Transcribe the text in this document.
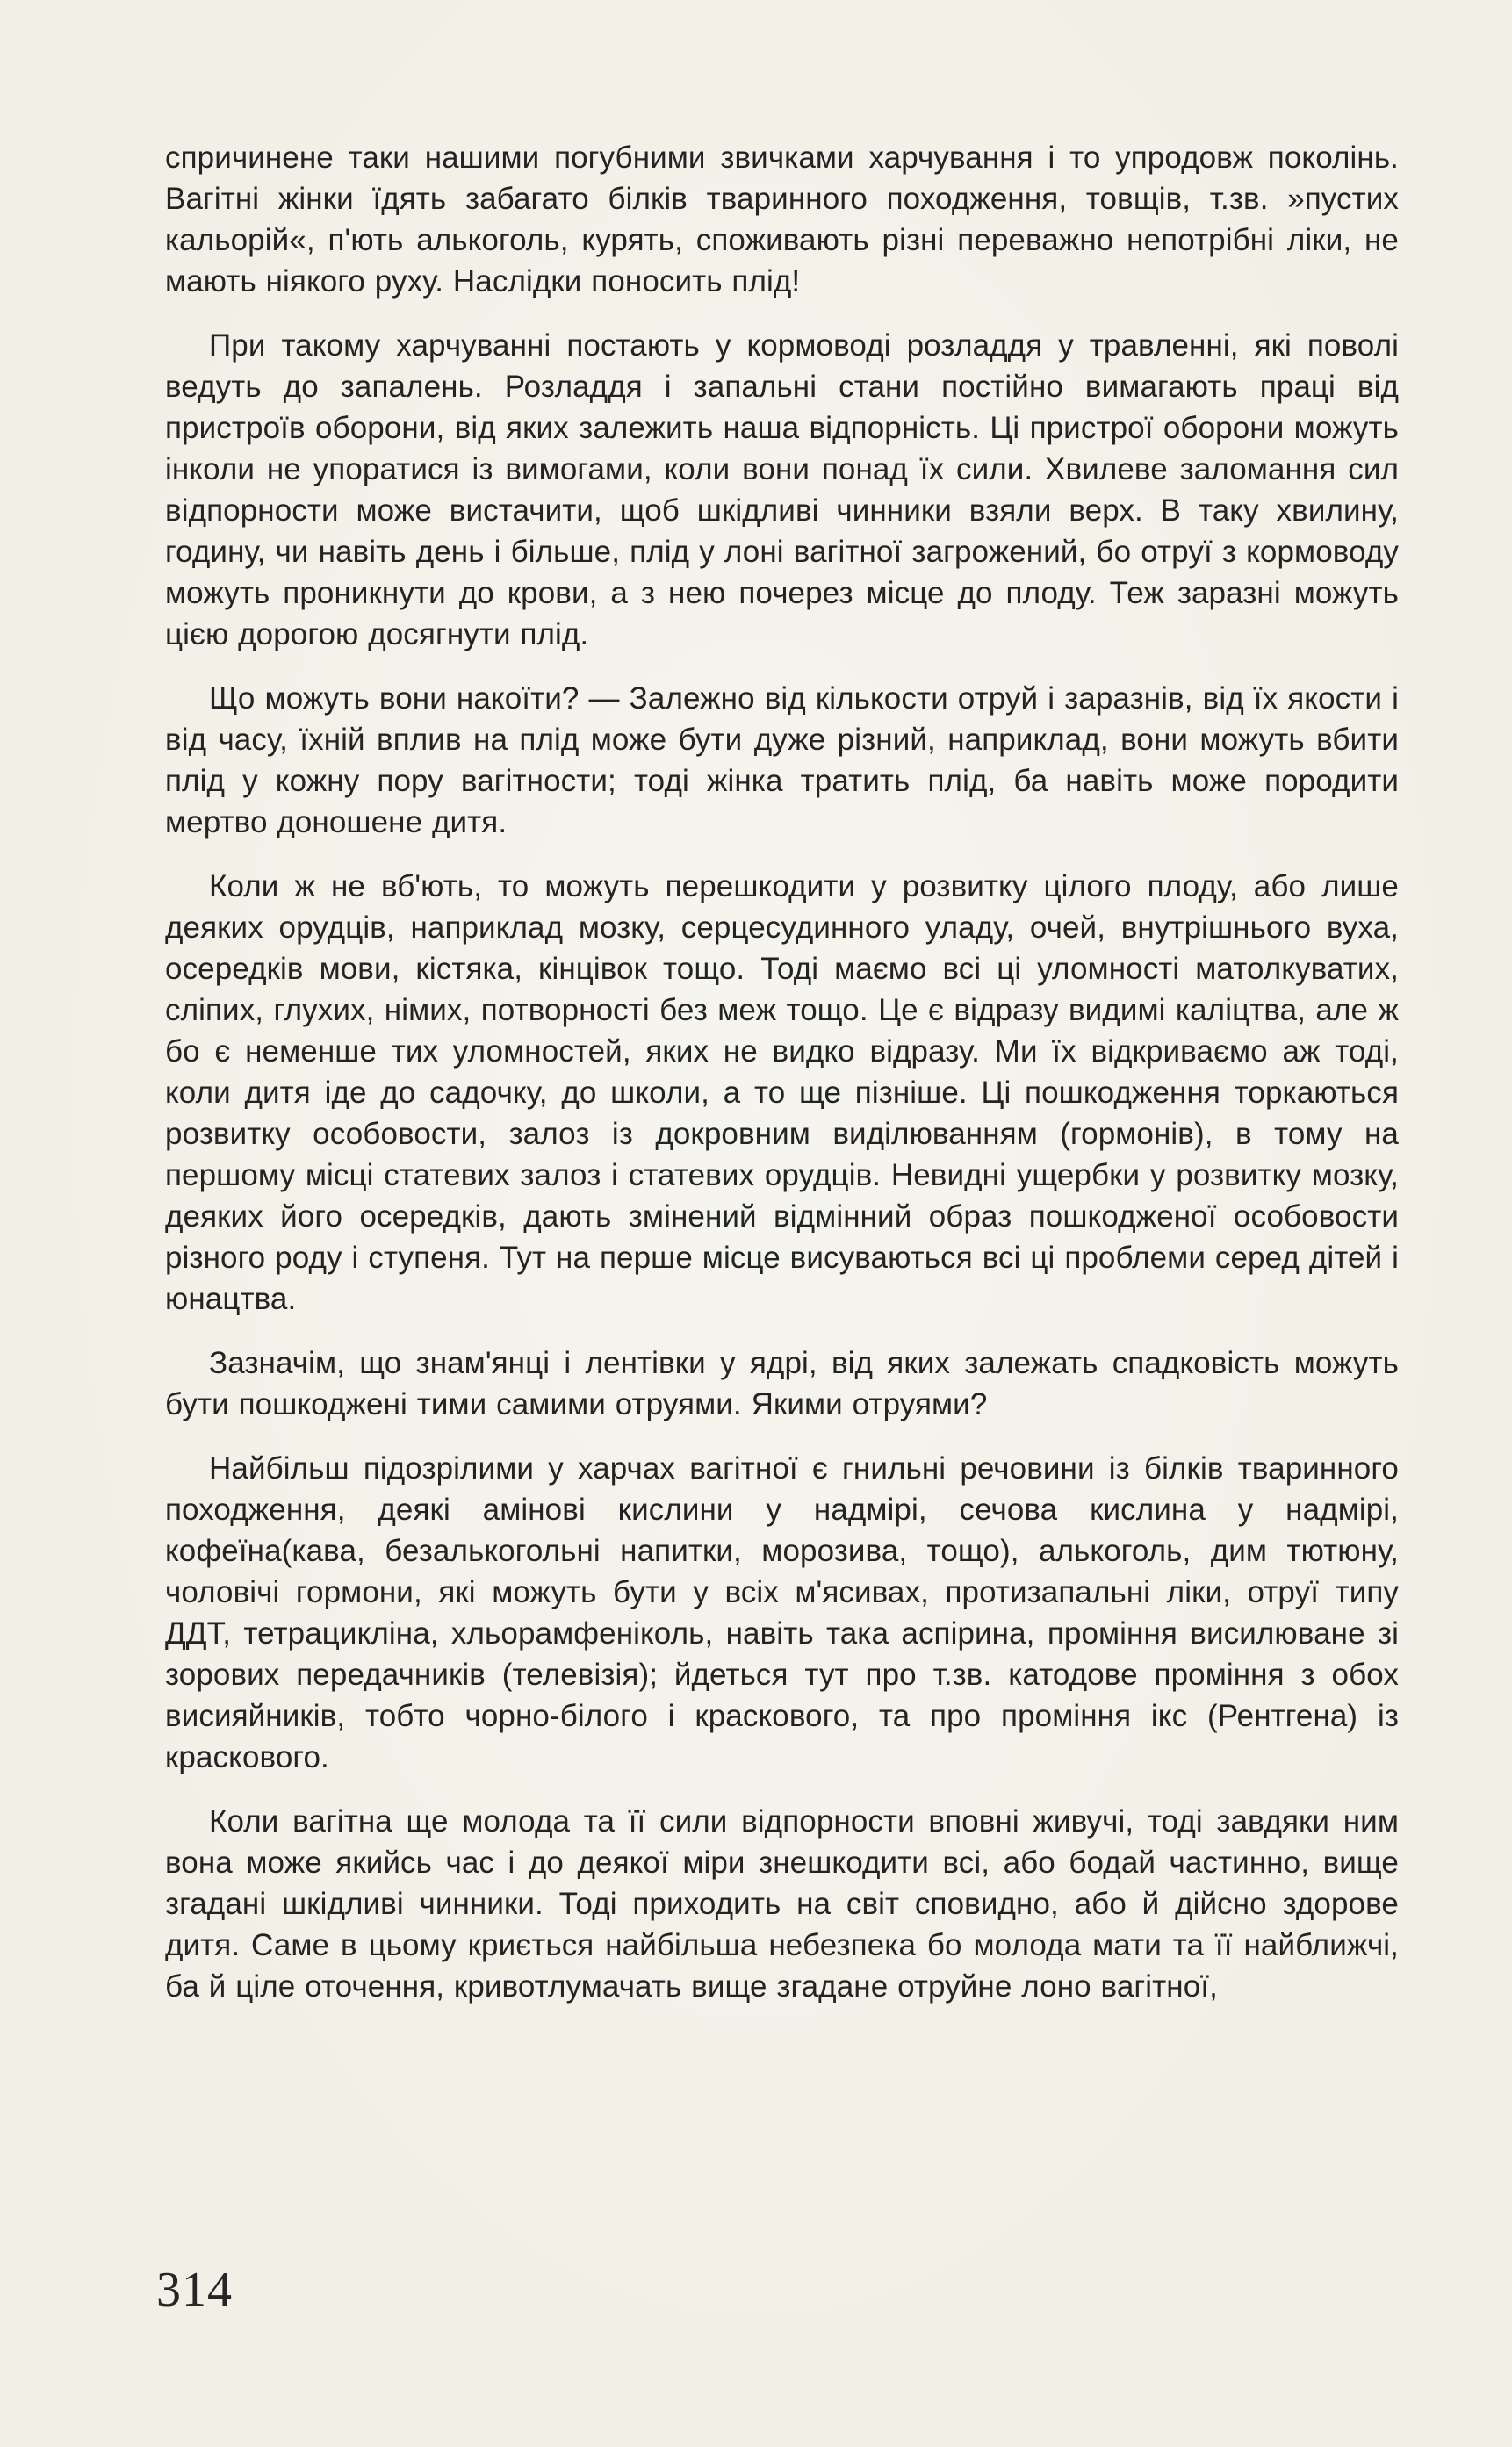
спричинене таки нашими погубними звичками харчування і то упродовж поколінь. Вагітні жінки їдять забагато білків тваринного походження, товщів, т.зв. »пустих кальорій«, п'ють алькоголь, курять, споживають різні переважно непотрібні ліки, не мають ніякого руху. Наслідки поносить плід!

При такому харчуванні постають у кормоводі розладдя у травленні, які поволі ведуть до запалень. Розладдя і запальні стани постійно вимагають праці від пристроїв оборони, від яких залежить наша відпорність. Ці пристрої оборони можуть інколи не упоратися із вимогами, коли вони понад їх сили. Хвилеве заломання сил відпорности може вистачити, щоб шкідливі чинники взяли верх. В таку хвилину, годину, чи навіть день і більше, плід у лоні вагітної загрожений, бо отруї з кормоводу можуть проникнути до крови, а з нею почерез місце до плоду. Теж заразні можуть цією дорогою досягнути плід.

Що можуть вони накоїти? — Залежно від кількости отруй і заразнів, від їх якости і від часу, їхній вплив на плід може бути дуже різний, наприклад, вони можуть вбити плід у кожну пору вагітности; тоді жінка тратить плід, ба навіть може породити мертво доношене дитя.

Коли ж не вб'ють, то можуть перешкодити у розвитку цілого плоду, або лише деяких орудців, наприклад мозку, серцесудинного уладу, очей, внутрішнього вуха, осередків мови, кістяка, кінцівок тощо. Тоді маємо всі ці уломності матолкуватих, сліпих, глухих, німих, потворності без меж тощо. Це є відразу видимі каліцтва, але ж бо є неменше тих уломностей, яких не видко відразу. Ми їх відкриваємо аж тоді, коли дитя іде до садочку, до школи, а то ще пізніше. Ці пошкодження торкаються розвитку особовости, залоз із докровним виділюванням (гормонів), в тому на першому місці статевих залоз і статевих орудців. Невидні ущербки у розвитку мозку, деяких його осередків, дають змінений відмінний образ пошкодженої особовости різного роду і ступеня. Тут на перше місце висуваються всі ці проблеми серед дітей і юнацтва.

Зазначім, що знам'янці і лентівки у ядрі, від яких залежать спадковість можуть бути пошкоджені тими самими отруями. Якими отруями?

Найбільш підозрілими у харчах вагітної є гнильні речовини із білків тваринного походження, деякі амінові кислини у надмірі, сечова кислина у надмірі, кофеїна(кава, безалькогольні напитки, морозива, тощо), алькоголь, дим тютюну, чоловічі гормони, які можуть бути у всіх м'ясивах, протизапальні ліки, отруї типу ДДТ, тетрацикліна, хльорамфеніколь, навіть така аспірина, проміння висилюване зі зорових передачників (телевізія); йдеться тут про т.зв. катодове проміння з обох висияйників, тобто чорно-білого і краскового, та про проміння ікс (Рентгена) із краскового.

Коли вагітна ще молода та її сили відпорности вповні живучі, тоді завдяки ним вона може якийсь час і до деякої міри знешкодити всі, або бодай частинно, вище згадані шкідливі чинники. Тоді приходить на світ сповидно, або й дійсно здорове дитя. Саме в цьому криється найбільша небезпека бо молода мати та її найближчі, ба й ціле оточення, кривотлумачать вище згадане отруйне лоно вагітної,

314
